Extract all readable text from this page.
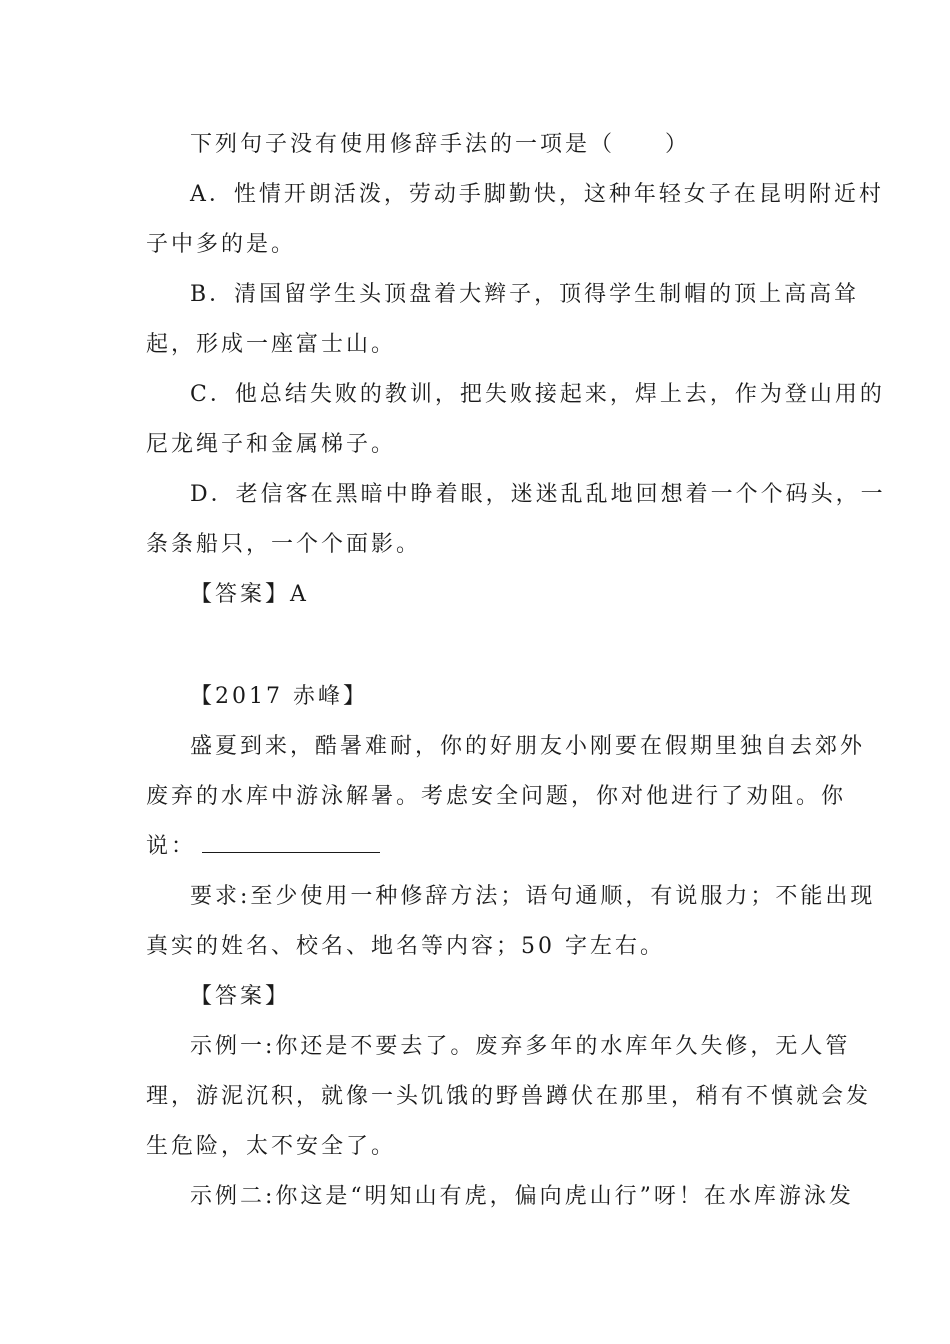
下列句子没有使用修辞手法的一项是（　　）
A．性情开朗活泼，劳动手脚勤快，这种年轻女子在昆明附近村
子中多的是。
B．清国留学生头顶盘着大辫子，顶得学生制帽的顶上高高耸
起，形成一座富士山。
C．他总结失败的教训，把失败接起来，焊上去，作为登山用的
尼龙绳子和金属梯子。
D．老信客在黑暗中睁着眼，迷迷乱乱地回想着一个个码头，一
条条船只，一个个面影。
【答案】A
【2017 赤峰】
盛夏到来，酷暑难耐，你的好朋友小刚要在假期里独自去郊外
废弃的水库中游泳解暑。考虑安全问题，你对他进行了劝阻。你
说：
要求:至少使用一种修辞方法；语句通顺，有说服力；不能出现
真实的姓名、校名、地名等内容；50 字左右。
【答案】
示例一:你还是不要去了。废弃多年的水库年久失修，无人管
理，游泥沉积，就像一头饥饿的野兽蹲伏在那里，稍有不慎就会发
生危险，太不安全了。
示例二:你这是“明知山有虎，偏向虎山行”呀！在水库游泳发
